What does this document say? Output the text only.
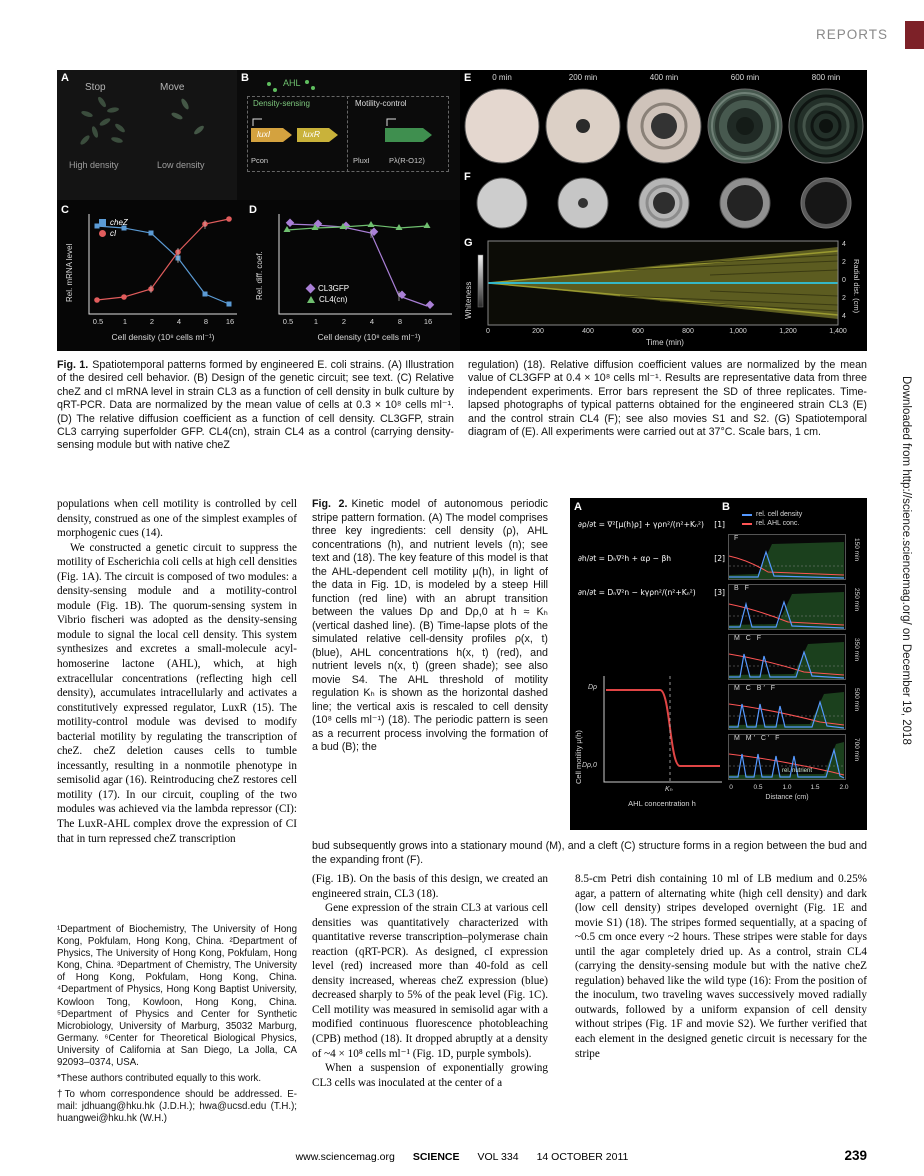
REPORTS
A
Stop	Move
High density	Low density
B	AHL
Density-sensing	Motility-control
luxI	luxR
Pcon	PluxI	Pλ(R-O12)
C
cheZ
cI
0.5	1	2	4	8	16
Cell density (10⁸ cells ml⁻¹)
Rel. mRNA level
D
CL3GFP
CL4(cn)
0.5	1	2	4	8	16
Cell density (10⁸ cells ml⁻¹)
Rel. diff. coef.
E	0 min	200 min	400 min	600 min	800 min
F
G
Whiteness
4
2
0
2
4
Radial dist. (cm)
0	200	400	600	800	1,000	1,200	1,400
Time (min)
Fig. 1. Spatiotemporal patterns formed by engineered E. coli strains. (A) Illustration of the desired cell behavior. (B) Design of the genetic circuit; see text. (C) Relative cheZ and cI mRNA level in strain CL3 as a function of cell density in bulk culture by qRT-PCR. Data are normalized by the mean value of cells at 0.3 × 10⁸ cells ml⁻¹. (D) The relative diffusion coefficient as a function of cell density. CL3GFP, strain CL3 carrying superfolder GFP. CL4(cn), strain CL4 as a control (carrying density-sensing module but with native cheZ
regulation) (18). Relative diffusion coefficient values are normalized by the mean value of CL3GFP at 0.4 × 10⁸ cells ml⁻¹. Results are representative data from three independent experiments. Error bars represent the SD of three replicates. Time-lapsed photographs of typical patterns obtained for the engineered strain CL3 (E) and the control strain CL4 (F); see also movies S1 and S2. (G) Spatiotemporal diagram of (E). All experiments were carried out at 37°C. Scale bars, 1 cm.

populations when cell motility is controlled by cell density, construed as one of the simplest examples of morphogenic cues (14).

We constructed a genetic circuit to suppress the motility of Escherichia coli cells at high cell densities (Fig. 1A). The circuit is composed of two modules: a density-sensing module and a motility-control module (Fig. 1B). The quorum-sensing system in Vibrio fischeri was adopted as the density-sensing module to signal the local cell density. This system synthesizes and excretes a small-molecule acyl-homoserine lactone (AHL), which, at high extracellular concentrations (reflecting high cell density), accumulates intracellularly and activates a constitutively expressed regulator, LuxR (15). The motility-control module was devised to modify bacterial motility by regulating the transcription of cheZ. cheZ deletion causes cells to tumble incessantly, resulting in a nonmotile phenotype in semisolid agar (16). Reintroducing cheZ restores cell motility (17). In our circuit, coupling of the two modules was achieved via the lambda repressor (CI): The LuxR-AHL complex drove the expression of CI that in turn repressed cheZ transcription

Fig. 2. Kinetic model of autonomous periodic stripe pattern formation. (A) The model comprises three key ingredients: cell density (ρ), AHL concentrations (h), and nutrient levels (n); see text and (18). The key feature of this model is that the AHL-dependent cell motility μ(h), in light of the data in Fig. 1D, is modeled by a steep Hill function (red line) with an abrupt transition between the values Dρ and Dρ,0 at h ≈ Kₕ (vertical dashed line). (B) Time-lapse plots of the simulated relative cell-density profiles ρ(x, t) (blue), AHL concentrations h(x, t) (red), and nutrient levels n(x, t) (green shade); see also movie S4. The AHL threshold of motility regulation Kₕ is shown as the horizontal dashed line; the vertical axis is rescaled to cell density (10⁸ cells ml⁻¹) (18). The periodic pattern is seen as a recurrent process involving the formation of a bud (B); the
bud subsequently grows into a stationary mound (M), and a cleft (C) structure forms in a region between the bud and the expanding front (F).
A	B
∂ρ/∂t = ∇²[μ(h)ρ] + γρn²/(n²+Kₙ²) [1]
∂h/∂t = Dₕ∇²h + αρ − βh	[2]
∂n/∂t = Dₙ∇²n − kγρn²/(n²+Kₙ²) [3]
Dρ
Dρ,0
Kₕ
AHL concentration h
Cell motility μ(h)
rel. cell density
rel. AHL conc.
F	150 min
B F	250 min
M C F	350 min
M C B′ F	500 min
M M′ C′ F	700 min
rel. nutrient
0	0.5	1.0	1.5	2.0
Distance (cm)

(Fig. 1B). On the basis of this design, we created an engineered strain, CL3 (18).

Gene expression of the strain CL3 at various cell densities was quantitatively characterized with quantitative reverse transcription–polymerase chain reaction (qRT-PCR). As designed, cI expression level (red) increased more than 40-fold as cell density increased, whereas cheZ expression (blue) decreased sharply to 5% of the peak level (Fig. 1C). Cell motility was measured in semisolid agar with a modified continuous fluorescence photobleaching (CPB) method (18). It dropped abruptly at a density of ~4 × 10⁸ cells ml⁻¹ (Fig. 1D, purple symbols).

When a suspension of exponentially growing CL3 cells was inoculated at the center of a

8.5-cm Petri dish containing 10 ml of LB medium and 0.25% agar, a pattern of alternating white (high cell density) and dark (low cell density) stripes developed overnight (Fig. 1E and movie S1) (18). The stripes formed sequentially, at a spacing of ~0.5 cm once every ~2 hours. These stripes were stable for days until the agar completely dried up. As a control, strain CL4 (carrying the density-sensing module but with the native cheZ regulation) behaved like the wild type (16): From the position of the inoculum, two traveling waves successively moved radially outwards, followed by a uniform expansion of cell density without stripes (Fig. 1F and movie S2). We further verified that each element in the designed genetic circuit is necessary for the stripe

¹Department of Biochemistry, The University of Hong Kong, Pokfulam, Hong Kong, China. ²Department of Physics, The University of Hong Kong, Pokfulam, Hong Kong, China. ³Department of Chemistry, The University of Hong Kong, Pokfulam, Hong Kong, China. ⁴Department of Physics, Hong Kong Baptist University, Kowloon Tong, Kowloon, Hong Kong, China. ⁵Department of Physics and Center for Synthetic Microbiology, University of Marburg, 35032 Marburg, Germany. ⁶Center for Theoretical Biological Physics, University of California at San Diego, La Jolla, CA 92093–0374, USA.

*These authors contributed equally to this work.

†To whom correspondence should be addressed. E-mail: jdhuang@hku.hk (J.D.H.); hwa@ucsd.edu (T.H.); huangwei@hku.hk (W.H.)

www.sciencemag.org SCIENCE VOL 334 14 OCTOBER 2011	239
Downloaded from http://science.sciencemag.org/ on December 19, 2018
